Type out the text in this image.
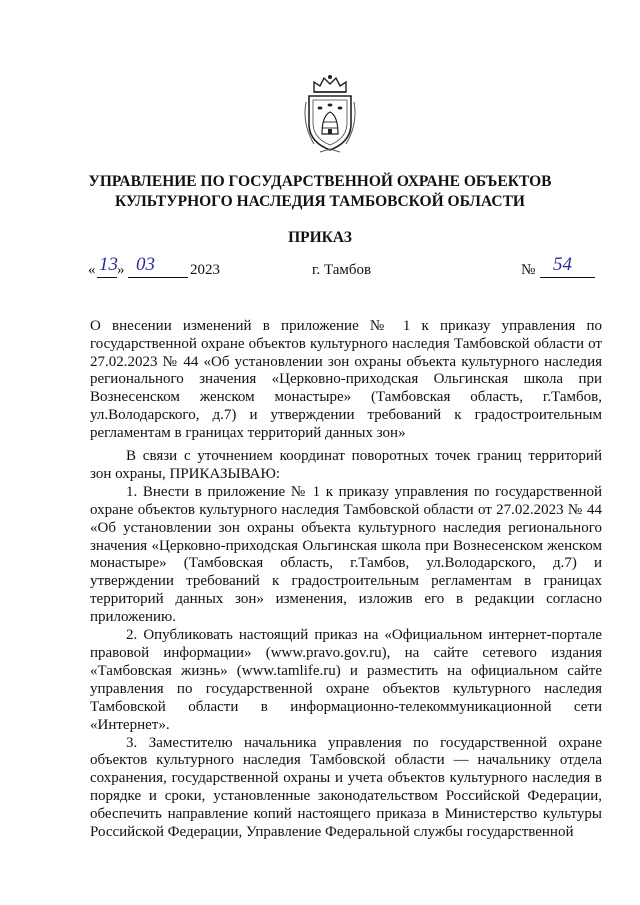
УПРАВЛЕНИЕ ПО ГОСУДАРСТВЕННОЙ ОХРАНЕ ОБЪЕКТОВ
КУЛЬТУРНОГО НАСЛЕДИЯ ТАМБОВСКОЙ ОБЛАСТИ
ПРИКАЗ
« 13 » 03 2023	г. Тамбов	№ 54
О внесении изменений в приложение № 1 к приказу управления по государственной охране объектов культурного наследия Тамбовской области от 27.02.2023 № 44 «Об установлении зон охраны объекта культурного наследия регионального значения «Церковно-приходская Ольгинская школа при Вознесенском женском монастыре» (Тамбовская область, г.Тамбов, ул.Володарского, д.7) и утверждении требований к градостроительным регламентам в границах территорий данных зон»

В связи с уточнением координат поворотных точек границ территорий зон охраны, ПРИКАЗЫВАЮ:

1. Внести в приложение № 1 к приказу управления по государственной охране объектов культурного наследия Тамбовской области от 27.02.2023 № 44 «Об установлении зон охраны объекта культурного наследия регионального значения «Церковно-приходская Ольгинская школа при Вознесенском женском монастыре» (Тамбовская область, г.Тамбов, ул.Володарского, д.7) и утверждении требований к градостроительным регламентам в границах территорий данных зон» изменения, изложив его в редакции согласно приложению.

2. Опубликовать настоящий приказ на «Официальном интернет-портале правовой информации» (www.pravo.gov.ru), на сайте сетевого издания «Тамбовская жизнь» (www.tamlife.ru) и разместить на официальном сайте управления по государственной охране объектов культурного наследия Тамбовской области в информационно-телекоммуникационной сети «Интернет».

3. Заместителю начальника управления по государственной охране объектов культурного наследия Тамбовской области — начальнику отдела сохранения, государственной охраны и учета объектов культурного наследия в порядке и сроки, установленные законодательством Российской Федерации, обеспечить направление копий настоящего приказа в Министерство культуры Российской Федерации, Управление Федеральной службы государственной
